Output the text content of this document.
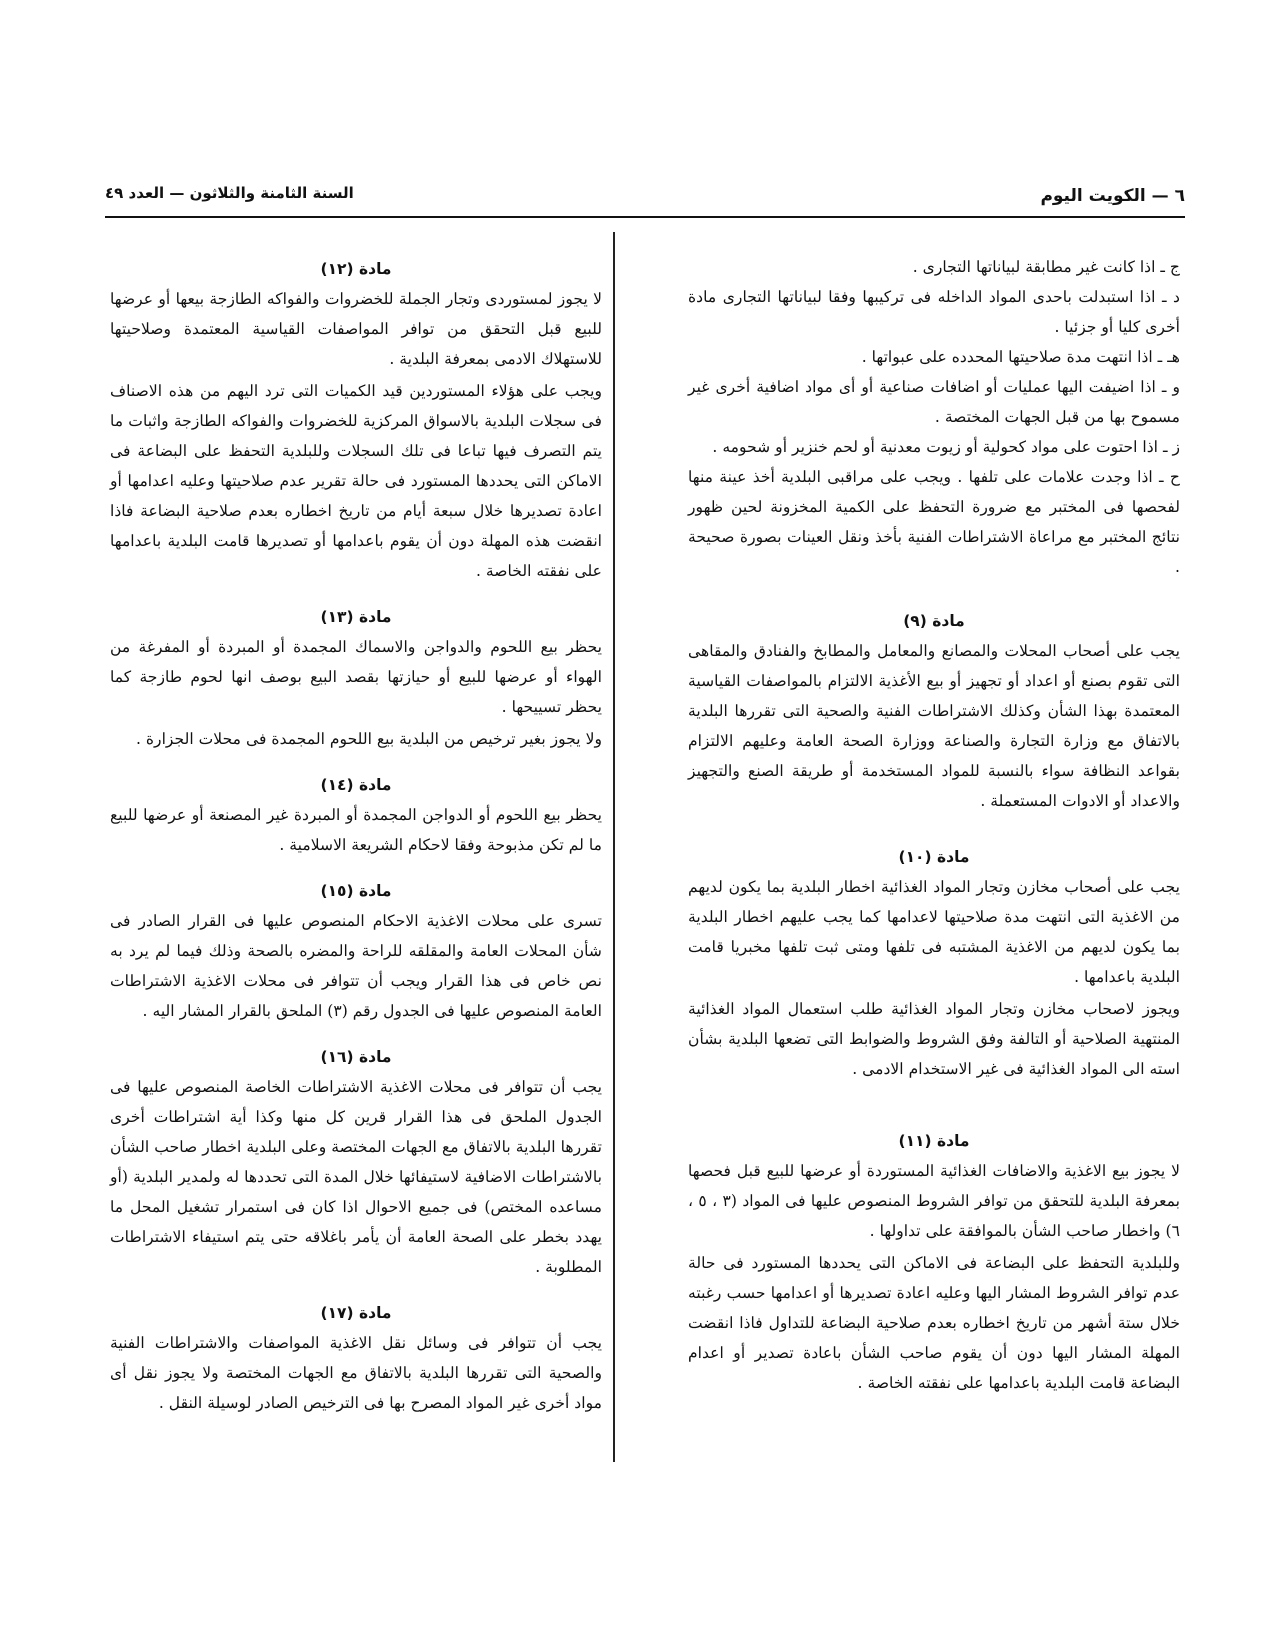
٦ — الكويت اليوم
السنة الثامنة والثلاثون — العدد ٤٩

ج ـ اذا كانت غير مطابقة لبياناتها التجارى .

د ـ اذا استبدلت باحدى المواد الداخله فى تركيبها وفقا لبياناتها التجارى مادة أخرى كليا أو جزئيا .

هـ ـ اذا انتهت مدة صلاحيتها المحدده على عبواتها .

و ـ اذا اضيفت اليها عمليات أو اضافات صناعية أو أى مواد اضافية أخرى غير مسموح بها من قبل الجهات المختصة .

ز ـ اذا احتوت على مواد كحولية أو زيوت معدنية أو لحم خنزير أو شحومه .

ح ـ اذا وجدت علامات على تلفها . ويجب على مراقبى البلدية أخذ عينة منها لفحصها فى المختبر مع ضرورة التحفظ على الكمية المخزونة لحين ظهور نتائج المختبر مع مراعاة الاشتراطات الفنية بأخذ ونقل العينات بصورة صحيحة .

مادة (٩)

يجب على أصحاب المحلات والمصانع والمعامل والمطابخ والفنادق والمقاهى التى تقوم بصنع أو اعداد أو تجهيز أو بيع الأغذية الالتزام بالمواصفات القياسية المعتمدة بهذا الشأن وكذلك الاشتراطات الفنية والصحية التى تقررها البلدية بالاتفاق مع وزارة التجارة والصناعة ووزارة الصحة العامة وعليهم الالتزام بقواعد النظافة سواء بالنسبة للمواد المستخدمة أو طريقة الصنع والتجهيز والاعداد أو الادوات المستعملة .

مادة (١٠)

يجب على أصحاب مخازن وتجار المواد الغذائية اخطار البلدية بما يكون لديهم من الاغذية التى انتهت مدة صلاحيتها لاعدامها كما يجب عليهم اخطار البلدية بما يكون لديهم من الاغذية المشتبه فى تلفها ومتى ثبت تلفها مخبريا قامت البلدية باعدامها .

ويجوز لاصحاب مخازن وتجار المواد الغذائية طلب استعمال المواد الغذائية المنتهية الصلاحية أو التالفة وفق الشروط والضوابط التى تضعها البلدية بشأن استه الى المواد الغذائية فى غير الاستخدام الادمى .

مادة (١١)

لا يجوز بيع الاغذية والاضافات الغذائية المستوردة أو عرضها للبيع قبل فحصها بمعرفة البلدية للتحقق من توافر الشروط المنصوص عليها فى المواد (٣ ، ٥ ، ٦) واخطار صاحب الشأن بالموافقة على تداولها .

وللبلدية التحفظ على البضاعة فى الاماكن التى يحددها المستورد فى حالة عدم توافر الشروط المشار اليها وعليه اعادة تصديرها أو اعدامها حسب رغبته خلال ستة أشهر من تاريخ اخطاره بعدم صلاحية البضاعة للتداول فاذا انقضت المهلة المشار اليها دون أن يقوم صاحب الشأن باعادة تصدير أو اعدام البضاعة قامت البلدية باعدامها على نفقته الخاصة .

مادة (١٢)

لا يجوز لمستوردى وتجار الجملة للخضروات والفواكه الطازجة بيعها أو عرضها للبيع قبل التحقق من توافر المواصفات القياسية المعتمدة وصلاحيتها للاستهلاك الادمى بمعرفة البلدية .

ويجب على هؤلاء المستوردين قيد الكميات التى ترد اليهم من هذه الاصناف فى سجلات البلدية بالاسواق المركزية للخضروات والفواكه الطازجة واثبات ما يتم التصرف فيها تباعا فى تلك السجلات وللبلدية التحفظ على البضاعة فى الاماكن التى يحددها المستورد فى حالة تقرير عدم صلاحيتها وعليه اعدامها أو اعادة تصديرها خلال سبعة أيام من تاريخ اخطاره بعدم صلاحية البضاعة فاذا انقضت هذه المهلة دون أن يقوم باعدامها أو تصديرها قامت البلدية باعدامها على نفقته الخاصة .

مادة (١٣)

يحظر بيع اللحوم والدواجن والاسماك المجمدة أو المبردة أو المفرغة من الهواء أو عرضها للبيع أو حيازتها بقصد البيع بوصف انها لحوم طازجة كما يحظر تسييحها .

ولا يجوز بغير ترخيص من البلدية بيع اللحوم المجمدة فى محلات الجزارة .

مادة (١٤)

يحظر بيع اللحوم أو الدواجن المجمدة أو المبردة غير المصنعة أو عرضها للبيع ما لم تكن مذبوحة وفقا لاحكام الشريعة الاسلامية .

مادة (١٥)

تسرى على محلات الاغذية الاحكام المنصوص عليها فى القرار الصادر فى شأن المحلات العامة والمقلقه للراحة والمضره بالصحة وذلك فيما لم يرد به نص خاص فى هذا القرار ويجب أن تتوافر فى محلات الاغذية الاشتراطات العامة المنصوص عليها فى الجدول رقم (٣) الملحق بالقرار المشار اليه .

مادة (١٦)

يجب أن تتوافر فى محلات الاغذية الاشتراطات الخاصة المنصوص عليها فى الجدول الملحق فى هذا القرار قرين كل منها وكذا أية اشتراطات أخرى تقررها البلدية بالاتفاق مع الجهات المختصة وعلى البلدية اخطار صاحب الشأن بالاشتراطات الاضافية لاستيفائها خلال المدة التى تحددها له ولمدير البلدية (أو مساعده المختص) فى جميع الاحوال اذا كان فى استمرار تشغيل المحل ما يهدد بخطر على الصحة العامة أن يأمر باغلاقه حتى يتم استيفاء الاشتراطات المطلوبة .

مادة (١٧)

يجب أن تتوافر فى وسائل نقل الاغذية المواصفات والاشتراطات الفنية والصحية التى تقررها البلدية بالاتفاق مع الجهات المختصة ولا يجوز نقل أى مواد أخرى غير المواد المصرح بها فى الترخيص الصادر لوسيلة النقل .
